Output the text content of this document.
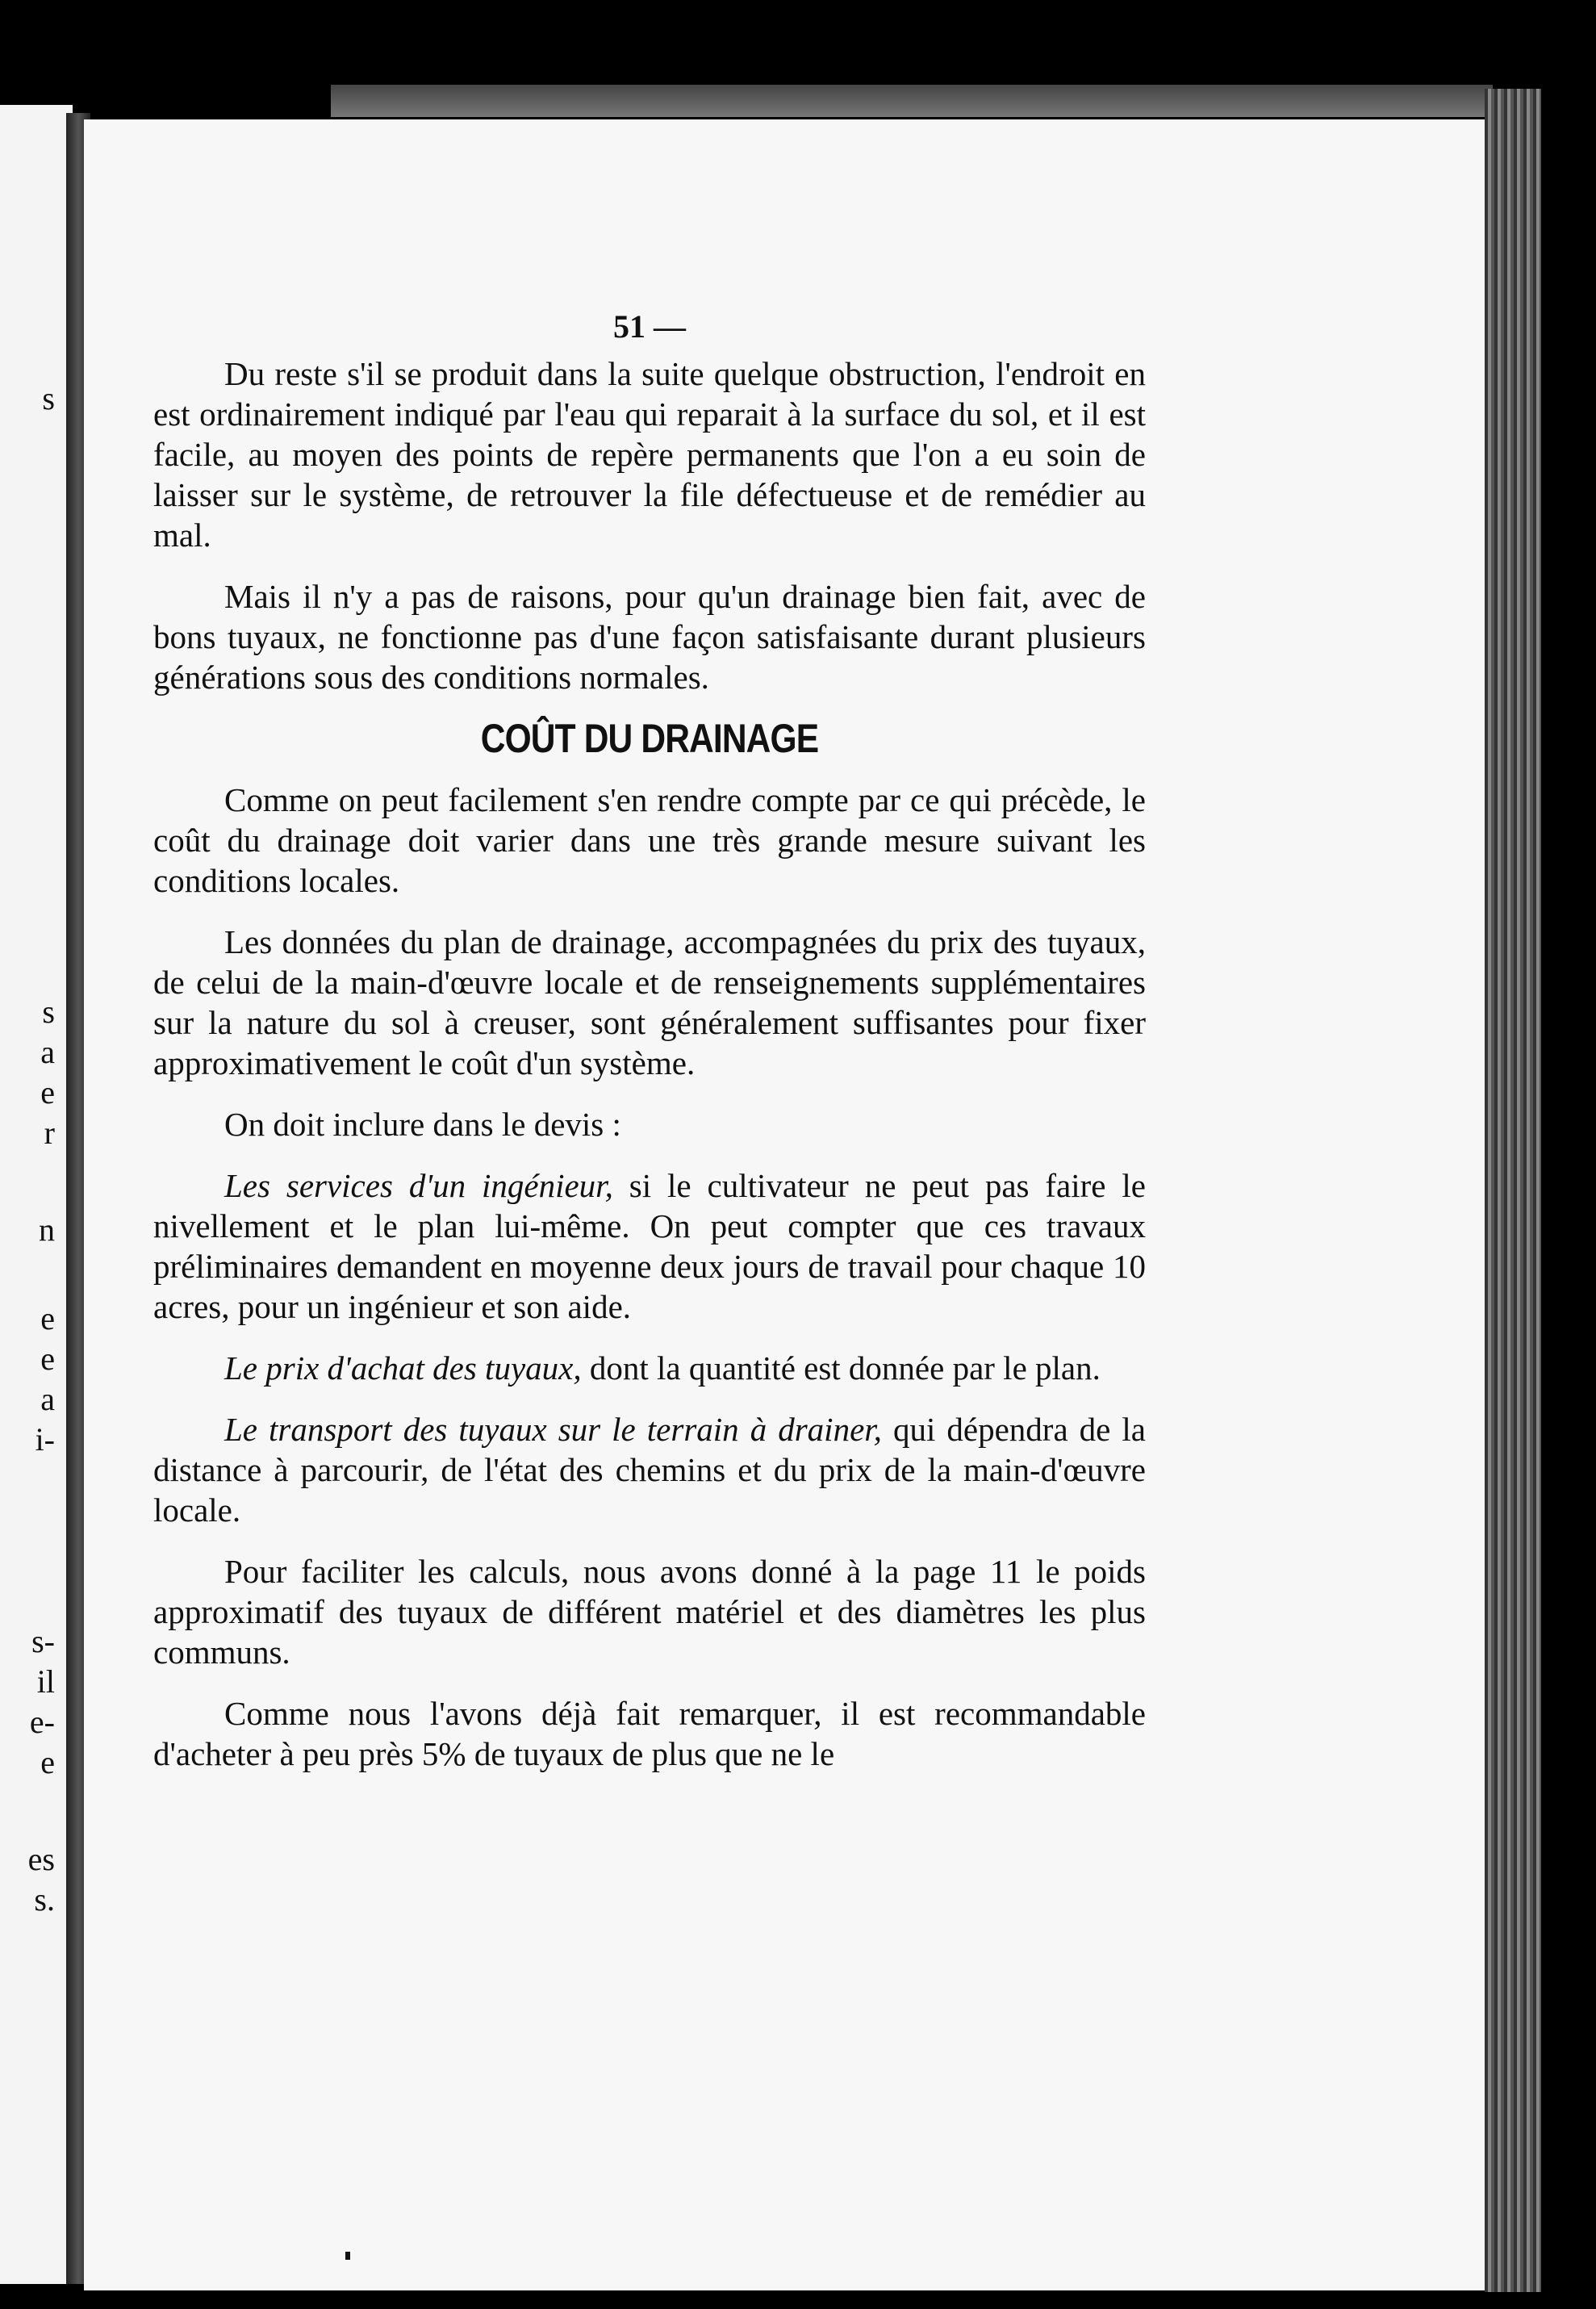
s
s
a
e
r
n
e
e
a
i-
s-
il
e-
e
es
s.

51 —

Du reste s'il se produit dans la suite quelque obstruction, l'endroit en est ordinairement indiqué par l'eau qui reparait à la surface du sol, et il est facile, au moyen des points de repère permanents que l'on a eu soin de laisser sur le système, de retrouver la file défectueuse et de remédier au mal.

Mais il n'y a pas de raisons, pour qu'un drainage bien fait, avec de bons tuyaux, ne fonctionne pas d'une façon satisfaisante durant plusieurs générations sous des conditions normales.

COÛT DU DRAINAGE

Comme on peut facilement s'en rendre compte par ce qui précède, le coût du drainage doit varier dans une très grande mesure suivant les conditions locales.

Les données du plan de drainage, accompagnées du prix des tuyaux, de celui de la main-d'œuvre locale et de renseignements supplémentaires sur la nature du sol à creuser, sont généralement suffisantes pour fixer approximativement le coût d'un système.

On doit inclure dans le devis :

Les services d'un ingénieur, si le cultivateur ne peut pas faire le nivellement et le plan lui-même. On peut compter que ces travaux préliminaires demandent en moyenne deux jours de travail pour chaque 10 acres, pour un ingénieur et son aide.

Le prix d'achat des tuyaux, dont la quantité est donnée par le plan.

Le transport des tuyaux sur le terrain à drainer, qui dépendra de la distance à parcourir, de l'état des chemins et du prix de la main-d'œuvre locale.

Pour faciliter les calculs, nous avons donné à la page 11 le poids approximatif des tuyaux de différent matériel et des diamètres les plus communs.

Comme nous l'avons déjà fait remarquer, il est recommandable d'acheter à peu près 5% de tuyaux de plus que ne le
